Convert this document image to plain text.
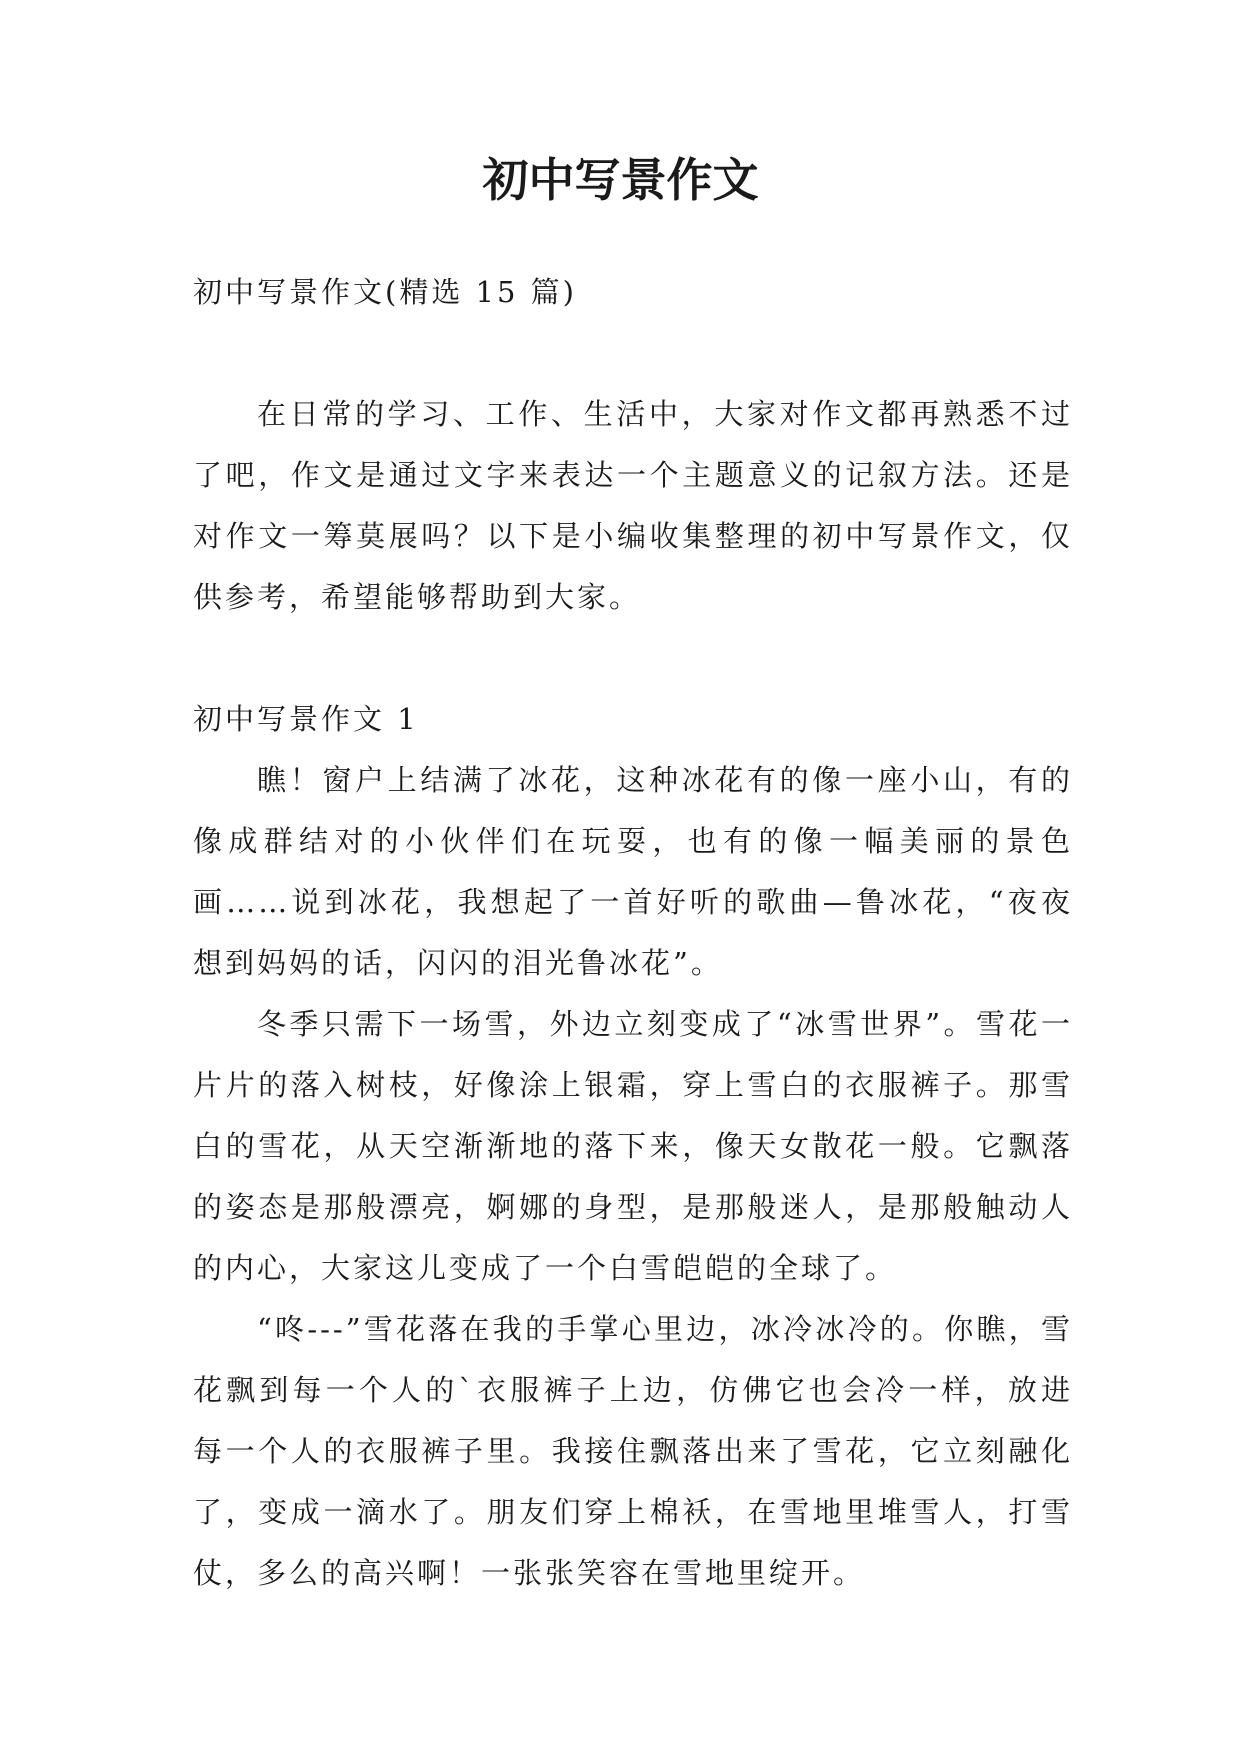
初中写景作文

初中写景作文(精选 15 篇)

在日常的学习、工作、生活中，大家对作文都再熟悉不过了吧，作文是通过文字来表达一个主题意义的记叙方法。还是对作文一筹莫展吗？以下是小编收集整理的初中写景作文，仅供参考，希望能够帮助到大家。

初中写景作文 1

瞧！窗户上结满了冰花，这种冰花有的像一座小山，有的像成群结对的小伙伴们在玩耍，也有的像一幅美丽的景色画……说到冰花，我想起了一首好听的歌曲—鲁冰花，“夜夜想到妈妈的话，闪闪的泪光鲁冰花”。

冬季只需下一场雪，外边立刻变成了“冰雪世界”。雪花一片片的落入树枝，好像涂上银霜，穿上雪白的衣服裤子。那雪白的雪花，从天空渐渐地的落下来，像天女散花一般。它飘落的姿态是那般漂亮，婀娜的身型，是那般迷人，是那般触动人的内心，大家这儿变成了一个白雪皑皑的全球了。

“咚---”雪花落在我的手掌心里边，冰冷冰冷的。你瞧，雪花飘到每一个人的`衣服裤子上边，仿佛它也会冷一样，放进每一个人的衣服裤子里。我接住飘落出来了雪花，它立刻融化了，变成一滴水了。朋友们穿上棉袄，在雪地里堆雪人，打雪仗，多么的高兴啊！一张张笑容在雪地里绽开。
